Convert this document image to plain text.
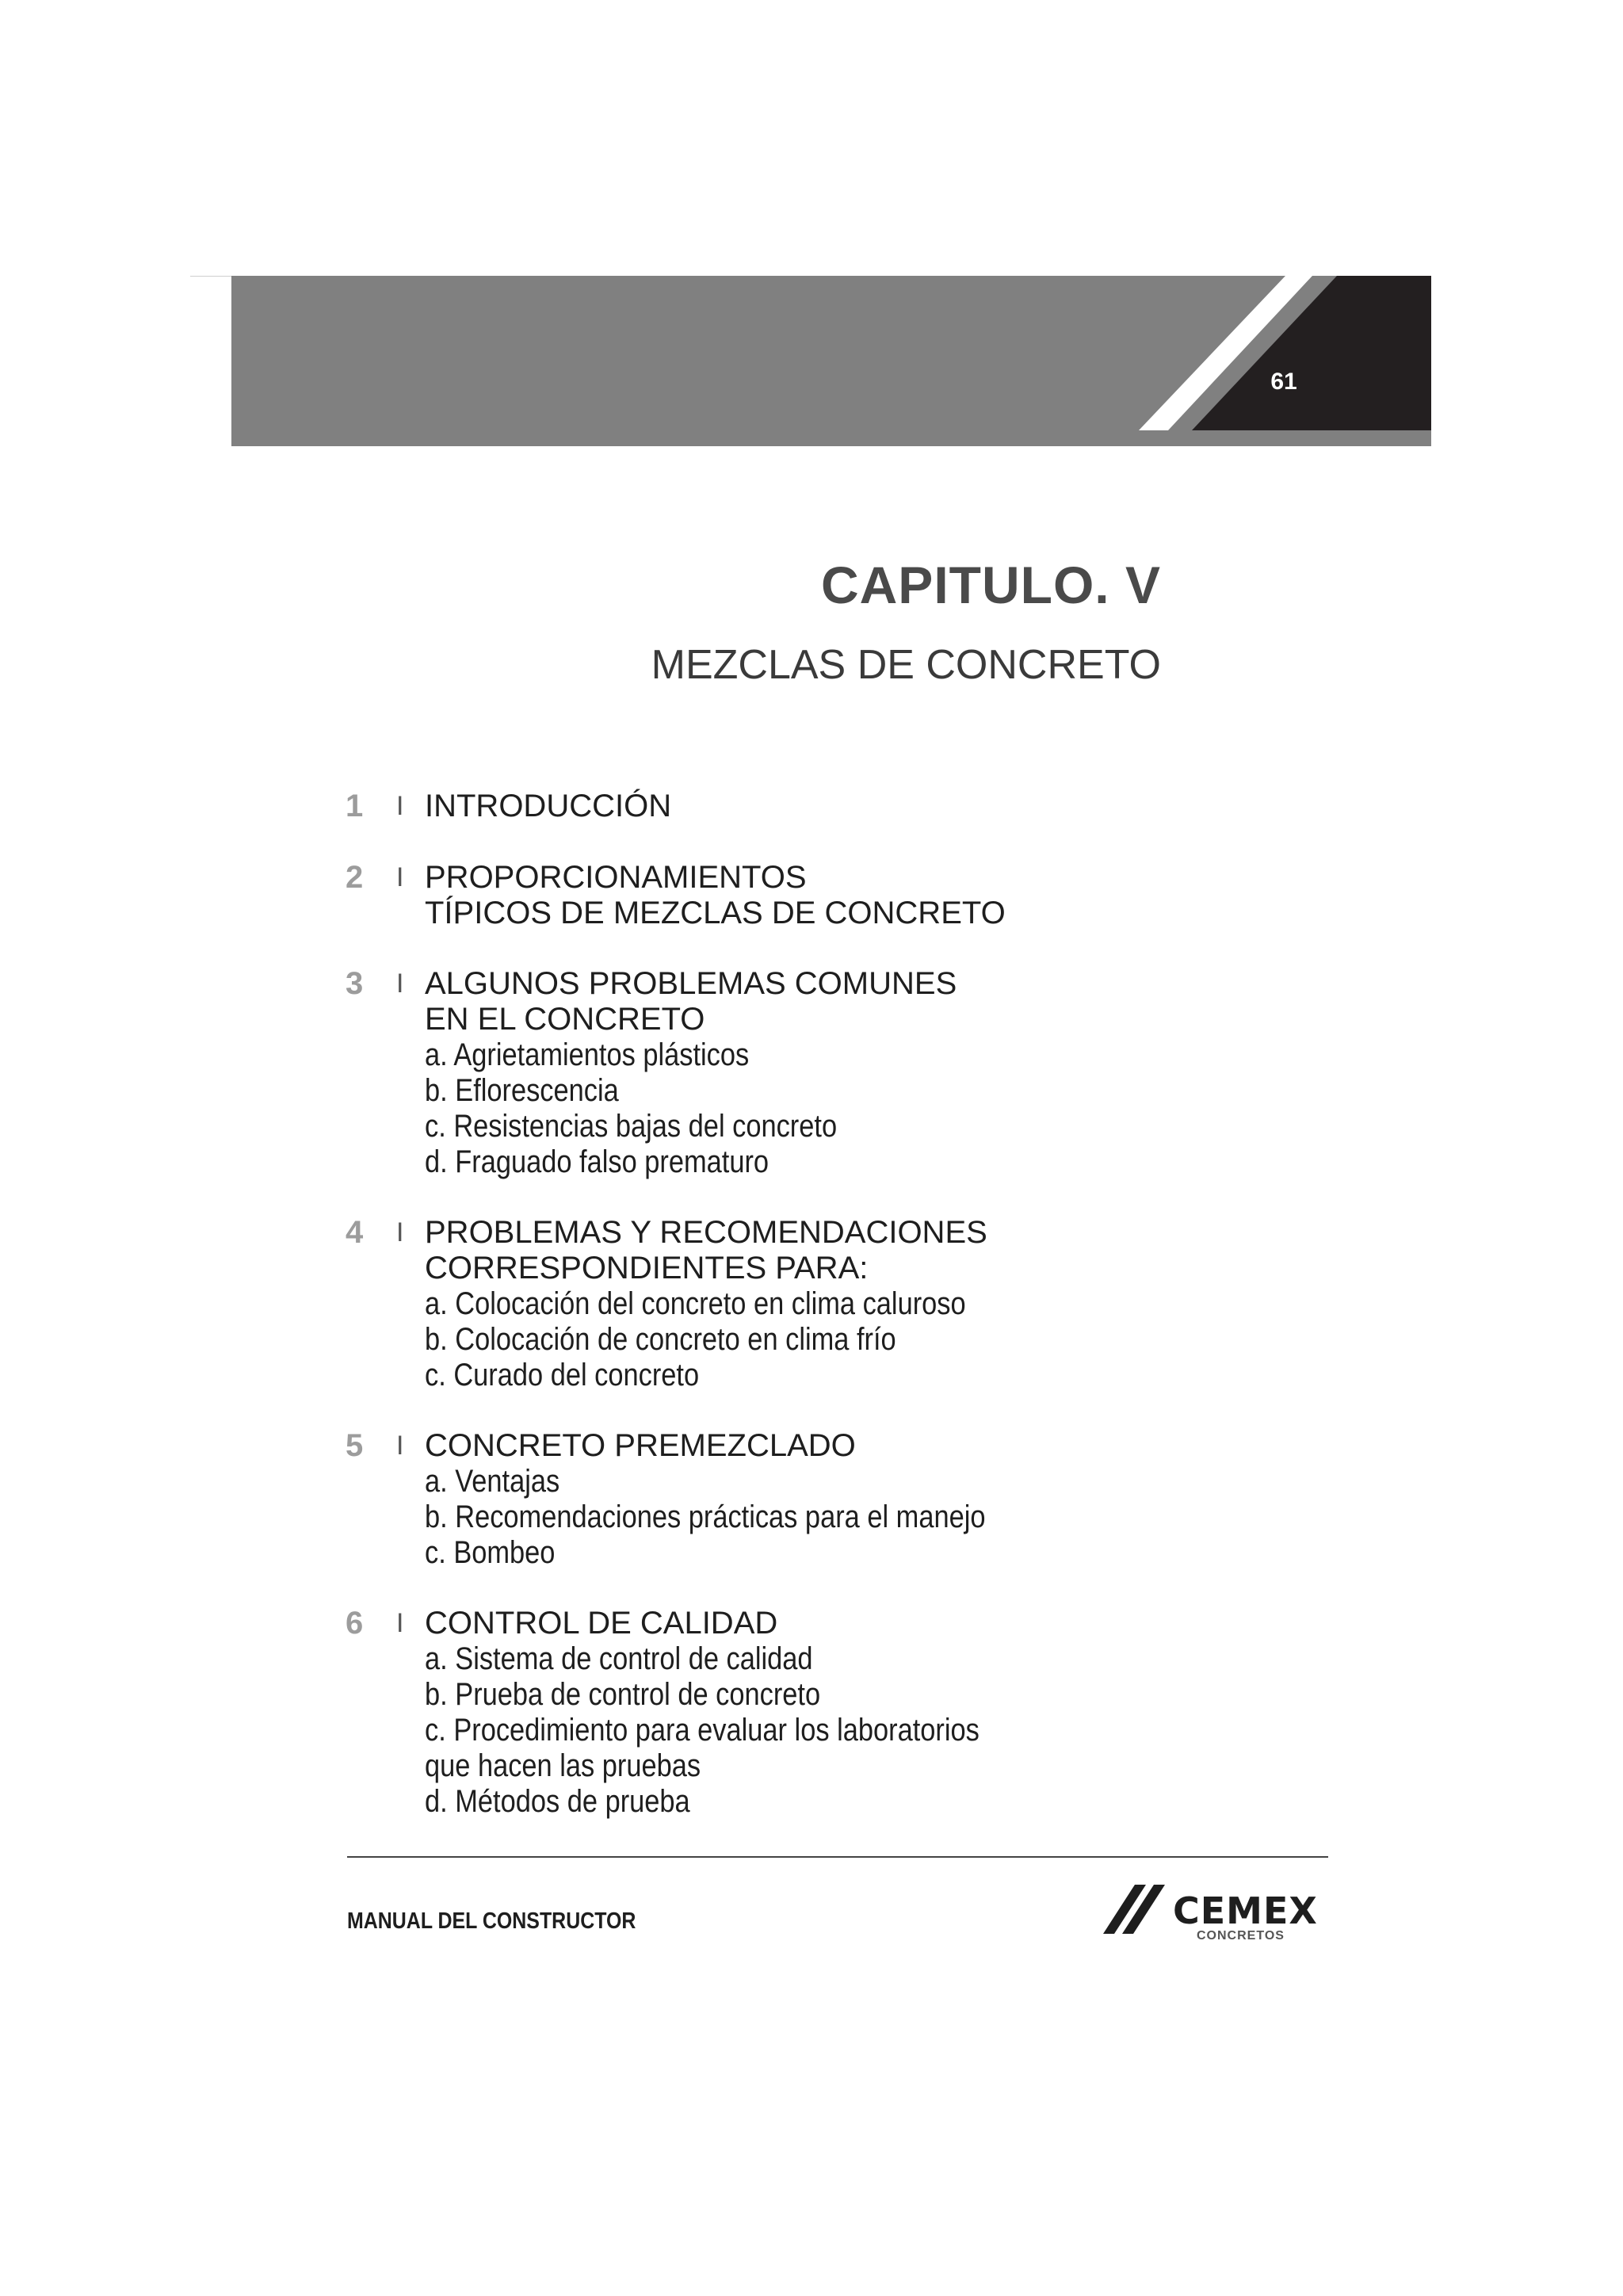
61
CAPITULO. V
MEZCLAS DE CONCRETO
1	I INTRODUCCIÓN
2	I PROPORCIONAMIENTOS
TÍPICOS DE MEZCLAS DE CONCRETO
3	I ALGUNOS PROBLEMAS COMUNES
EN EL CONCRETO
a. Agrietamientos plásticos
b. Eflorescencia
c. Resistencias bajas del concreto
d. Fraguado falso prematuro
4	I PROBLEMAS Y RECOMENDACIONES
CORRESPONDIENTES PARA:
a. Colocación del concreto en clima caluroso
b. Colocación de concreto en clima frío
c. Curado del concreto
5	I CONCRETO PREMEZCLADO
a. Ventajas
b. Recomendaciones prácticas para el manejo
c. Bombeo
6	I CONTROL DE CALIDAD
a. Sistema de control de calidad
b. Prueba de control de concreto
c. Procedimiento para evaluar los laboratorios
que hacen las pruebas
d. Métodos de prueba
MANUAL DEL CONSTRUCTOR	CEMEX
CONCRETOS
